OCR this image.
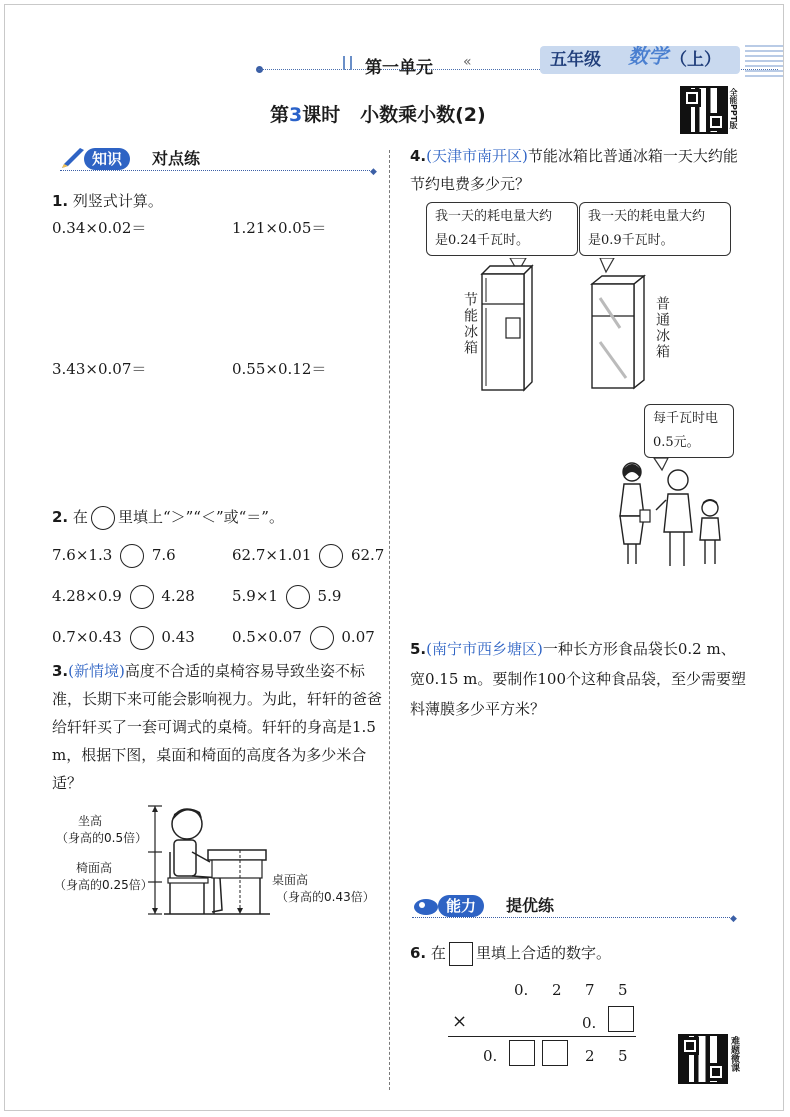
第一单元 «	五年级 数学 （上）
第3课时 小数乘小数(2)	全能PPT版
知识	对点练
◆
1. 列竖式计算。
0.34×0.02＝	1.21×0.05＝
3.43×0.07＝	0.55×0.12＝
2. 在 里填上“＞”“＜”或“＝”。
7.6×1.3	7.6	62.7×1.01	62.7
4.28×0.9	4.28 5.9×1	5.9
0.7×0.43	0.43 0.5×0.07	0.07
3.(新情境)高度不合适的桌椅容易导致坐姿不标准，长期下来可能会影响视力。为此，轩轩的爸爸给轩轩买了一套可调式的桌椅。轩轩的身高是1.5 m，根据下图，桌面和椅面的高度各为多少米合适？
坐高
（身高的0.5倍）
椅面高
（身高的0.25倍）	桌面高
（身高的0.43倍）
4.(天津市南开区)节能冰箱比普通冰箱一天大约能节约电费多少元？
我一天的耗电量大约
是0.24千瓦时。
我一天的耗电量大约
是0.9千瓦时。
节能冰箱	普通冰箱
每千瓦时电
0.5元。
5.(南宁市西乡塘区)一种长方形食品袋长0.2 m、宽0.15 m。要制作100个这种食品袋，至少需要塑料薄膜多少平方米？
能力	提优练
◆
6. 在 里填上合适的数字。
0. 2 7 5
×	0.
0.	2 5	难题微课
